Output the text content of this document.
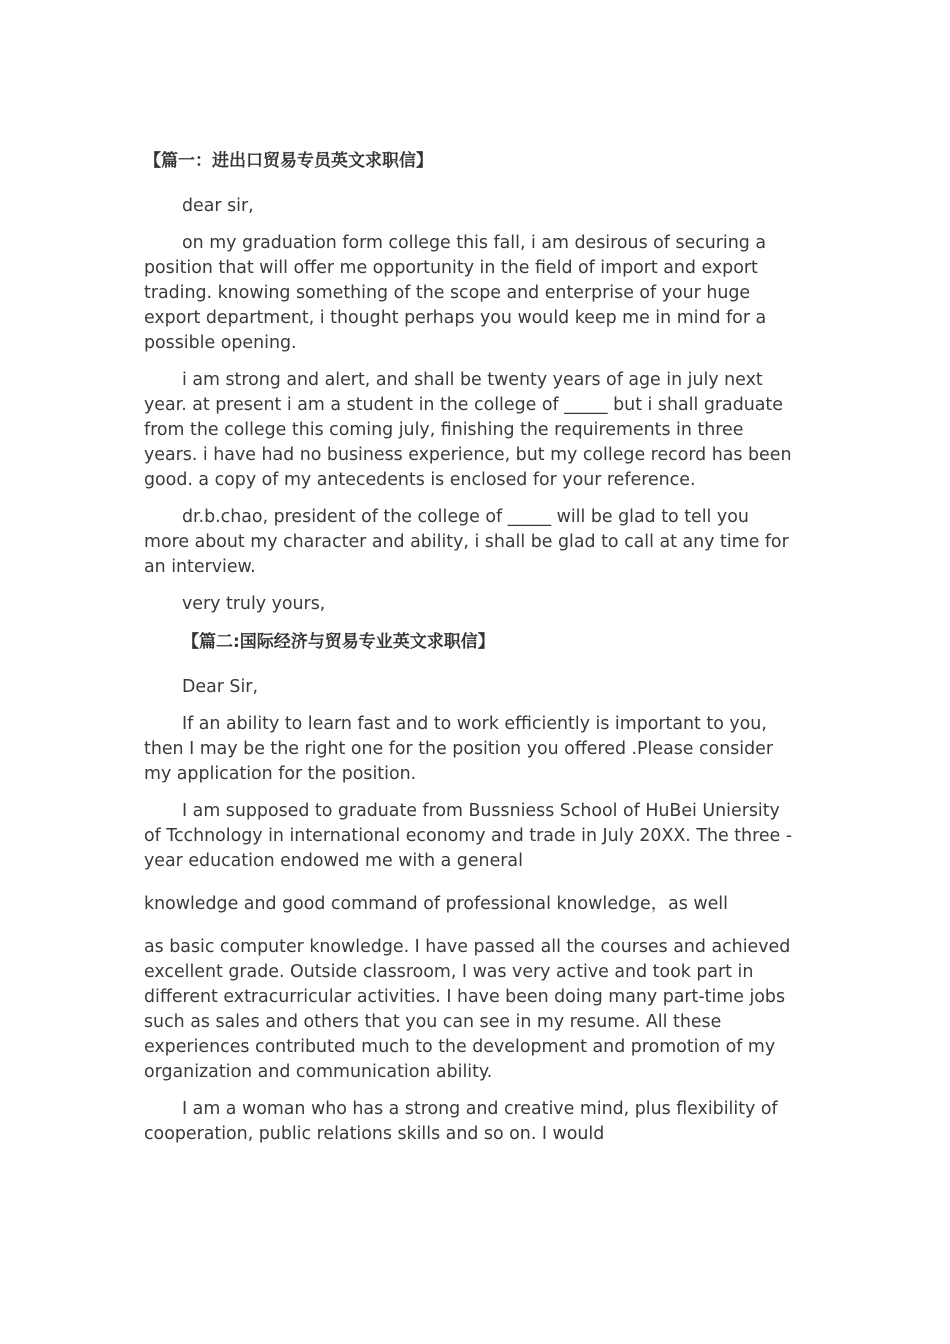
【篇一：进出口贸易专员英文求职信】

dear sir,

on my graduation form college this fall, i am desirous of securing a position that will offer me opportunity in the field of import and export trading. knowing something of the scope and enterprise of your huge export department, i thought perhaps you would keep me in mind for a possible opening.

i am strong and alert, and shall be twenty years of age in july next year. at present i am a student in the college of _____ but i shall graduate from the college this coming july, finishing the requirements in three years. i have had no business experience, but my college record has been good. a copy of my antecedents is enclosed for your reference.

dr.b.chao, president of the college of _____ will be glad to tell you more about my character and ability, i shall be glad to call at any time for an interview.

very truly yours,

【篇二:国际经济与贸易专业英文求职信】

Dear Sir,

If an ability to learn fast and to work efficiently is important to you, then I may be the right one for the position you offered .Please consider my application for the position.

I am supposed to graduate from Bussniess School of HuBei Uniersity of Tcchnology in international economy and trade in July 20XX. The three -year education endowed me with a general

knowledge and good command of professional knowledge，as well

as basic computer knowledge. I have passed all the courses and achieved excellent grade. Outside classroom, I was very active and took part in different extracurricular activities. I have been doing many part-time jobs such as sales and others that you can see in my resume. All these experiences contributed much to the development and promotion of my organization and communication ability.

I am a woman who has a strong and creative mind, plus flexibility of cooperation, public relations skills and so on. I would
